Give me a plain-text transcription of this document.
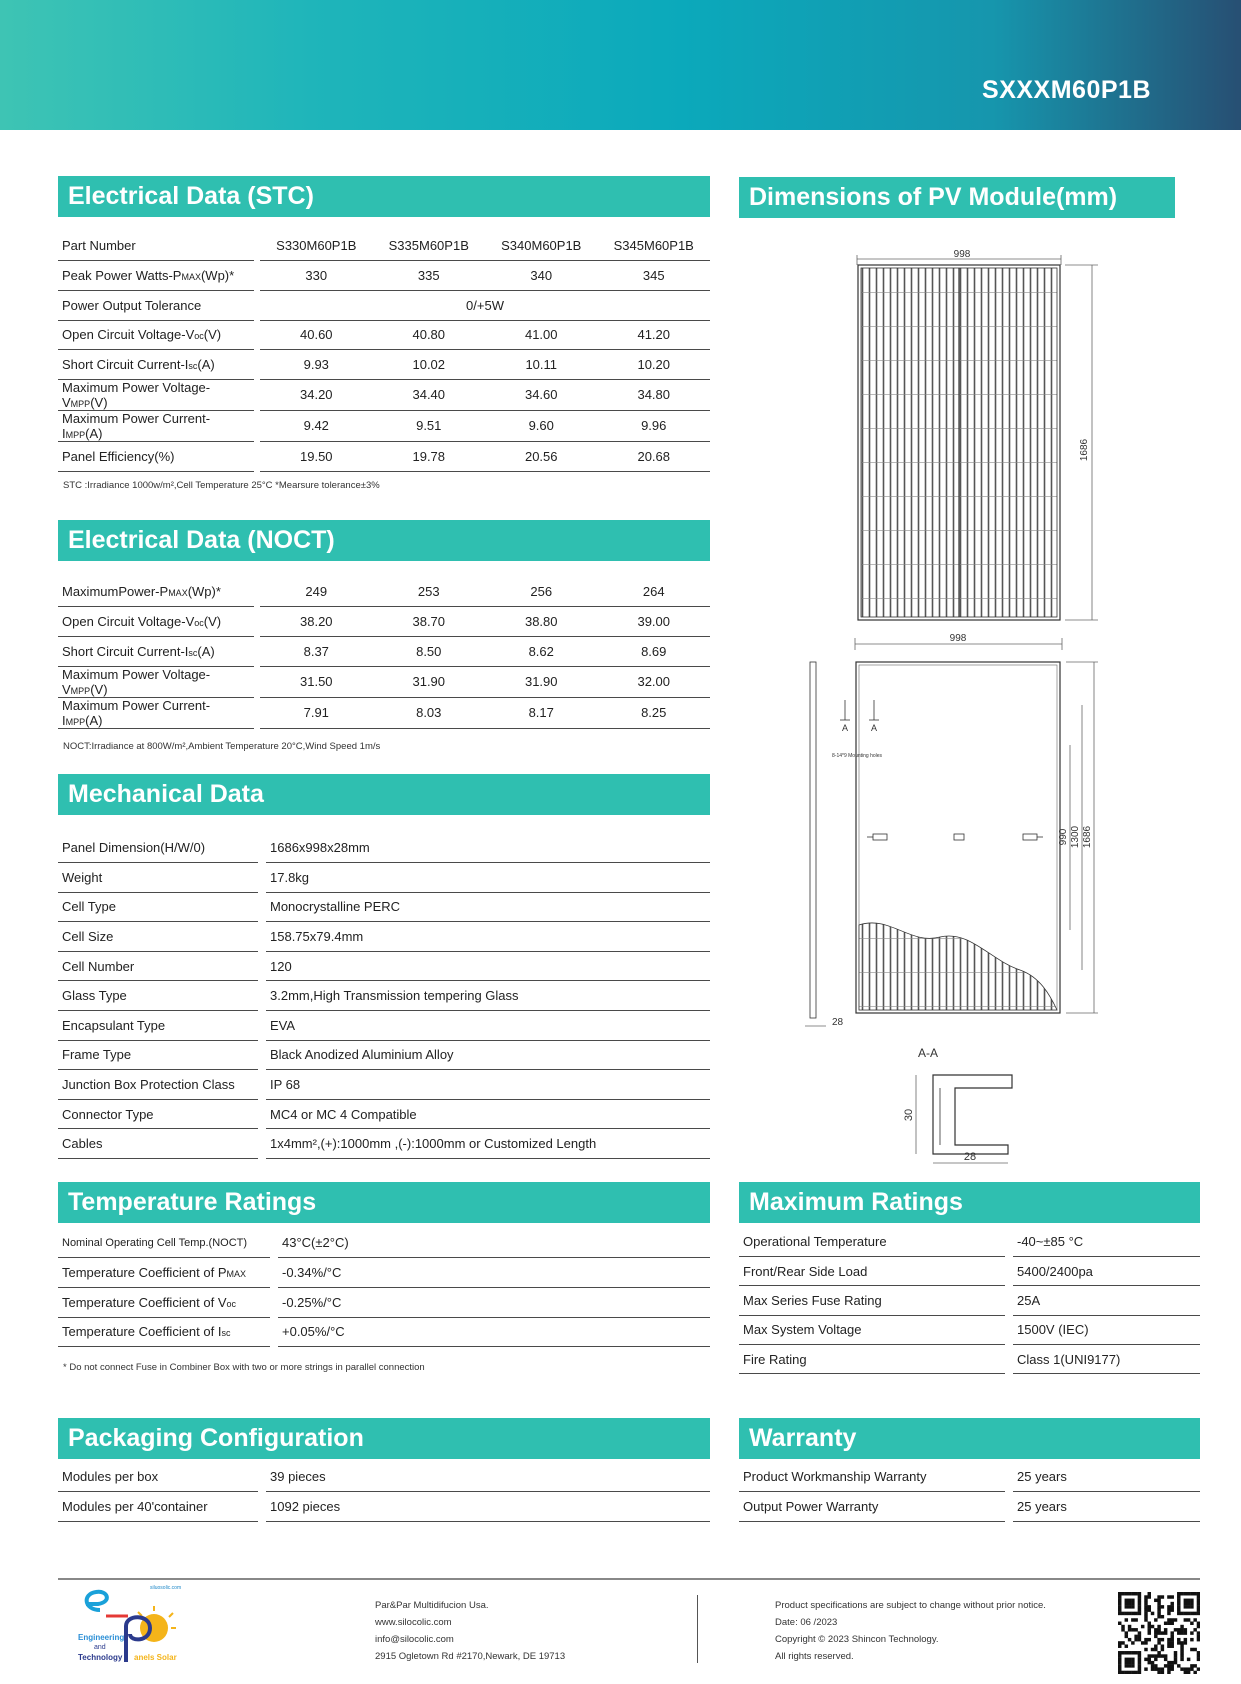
SXXXM60P1B
Electrical Data (STC)
Part Number		S330M60P1B	S335M60P1B	S340M60P1B	S345M60P1B
Peak Power Watts-PMAX(Wp)*		330	335	340	345
Power Output Tolerance		0/+5W			
Open Circuit Voltage-Voc(V)		40.60	40.80	41.00	41.20
Short Circuit Current-Isc(A)		9.93	10.02	10.11	10.20
Maximum Power Voltage-VMPP(V)		34.20	34.40	34.60	34.80
Maximum Power Current-IMPP(A)		9.42	9.51	9.60	9.96
Panel Efficiency(%)		19.50	19.78	20.56	20.68
STC :Irradiance 1000w/m²,Cell Temperature 25°C *Mearsure tolerance±3%
Electrical Data (NOCT)
MaximumPower-PMAX(Wp)*		249	253	256	264
Open Circuit Voltage-Voc(V)		38.20	38.70	38.80	39.00
Short Circuit Current-Isc(A)		8.37	8.50	8.62	8.69
Maximum Power Voltage-VMPP(V)		31.50	31.90	31.90	32.00
Maximum Power Current-IMPP(A)		7.91	8.03	8.17	8.25
NOCT:Irradiance at 800W/m²,Ambient Temperature 20°C,Wind Speed 1m/s
Mechanical Data
Panel Dimension(H/W/0)		1686x998x28mm
Weight		17.8kg
Cell Type		Monocrystalline PERC
Cell Size		158.75x79.4mm
Cell Number		120
Glass Type		3.2mm,High Transmission tempering Glass
Encapsulant Type		EVA
Frame Type		Black Anodized Aluminium Alloy
Junction Box Protection Class		IP 68
Connector Type		MC4 or MC 4 Compatible
Cables		1x4mm²,(+):1000mm ,(-):1000mm or Customized Length
Dimensions of PV Module(mm)
998
1686
998
28
A	A
8-14*9 Mounting holes
990 1300 1686
A-A
30
28
Temperature Ratings
Nominal Operating Cell Temp.(NOCT)		43°C(±2°C)
Temperature Coefficient of PMAX		-0.34%/°C
Temperature Coefficient of Voc		-0.25%/°C
Temperature Coefficient of Isc		+0.05%/°C
* Do not connect Fuse in Combiner Box with two or more strings in parallel connection
Maximum Ratings
Operational Temperature		-40~±85 °C
Front/Rear Side Load		5400/2400pa
Max Series Fuse Rating		25A
Max System Voltage		1500V (IEC)
Fire Rating		Class 1(UNI9177)
Packaging Configuration
Modules per box		39 pieces
Modules per 40'container		1092 pieces
Warranty
Product Workmanship Warranty		25 years
Output Power Warranty		25 years
siluosolic.com
Engineering
and
Technology anels Solar
Par&Par Multidifucion Usa.
www.silocolic.com
info@silocolic.com
2915 Ogletown Rd #2170,Newark, DE 19713
Product specifications are subject to change without prior notice.
Date: 06 /2023
Copyright © 2023 Shincon Technology.
All rights reserved.
